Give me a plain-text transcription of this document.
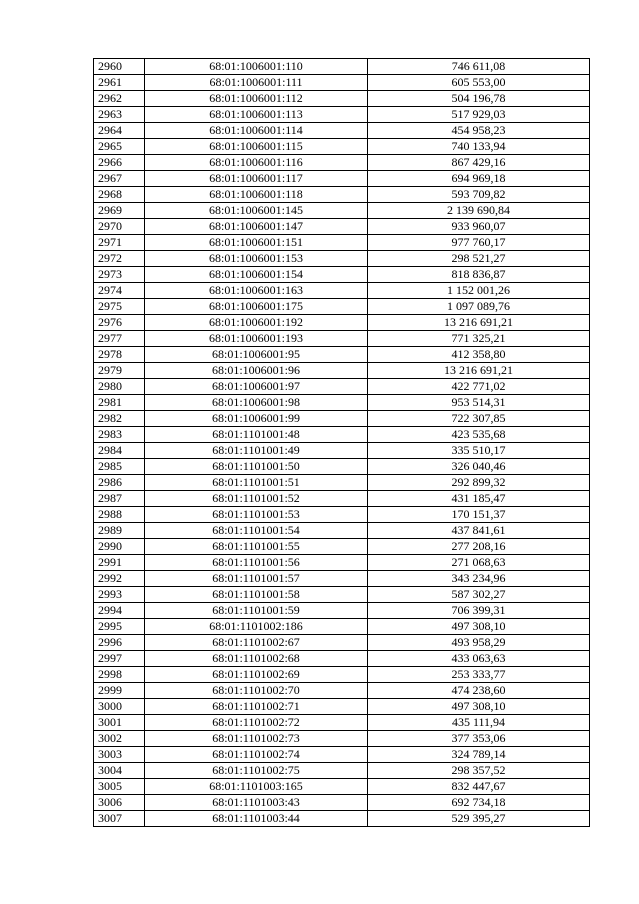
2960	68:01:1006001:110	746 611,08
2961	68:01:1006001:111	605 553,00
2962	68:01:1006001:112	504 196,78
2963	68:01:1006001:113	517 929,03
2964	68:01:1006001:114	454 958,23
2965	68:01:1006001:115	740 133,94
2966	68:01:1006001:116	867 429,16
2967	68:01:1006001:117	694 969,18
2968	68:01:1006001:118	593 709,82
2969	68:01:1006001:145	2 139 690,84
2970	68:01:1006001:147	933 960,07
2971	68:01:1006001:151	977 760,17
2972	68:01:1006001:153	298 521,27
2973	68:01:1006001:154	818 836,87
2974	68:01:1006001:163	1 152 001,26
2975	68:01:1006001:175	1 097 089,76
2976	68:01:1006001:192	13 216 691,21
2977	68:01:1006001:193	771 325,21
2978	68:01:1006001:95	412 358,80
2979	68:01:1006001:96	13 216 691,21
2980	68:01:1006001:97	422 771,02
2981	68:01:1006001:98	953 514,31
2982	68:01:1006001:99	722 307,85
2983	68:01:1101001:48	423 535,68
2984	68:01:1101001:49	335 510,17
2985	68:01:1101001:50	326 040,46
2986	68:01:1101001:51	292 899,32
2987	68:01:1101001:52	431 185,47
2988	68:01:1101001:53	170 151,37
2989	68:01:1101001:54	437 841,61
2990	68:01:1101001:55	277 208,16
2991	68:01:1101001:56	271 068,63
2992	68:01:1101001:57	343 234,96
2993	68:01:1101001:58	587 302,27
2994	68:01:1101001:59	706 399,31
2995	68:01:1101002:186	497 308,10
2996	68:01:1101002:67	493 958,29
2997	68:01:1101002:68	433 063,63
2998	68:01:1101002:69	253 333,77
2999	68:01:1101002:70	474 238,60
3000	68:01:1101002:71	497 308,10
3001	68:01:1101002:72	435 111,94
3002	68:01:1101002:73	377 353,06
3003	68:01:1101002:74	324 789,14
3004	68:01:1101002:75	298 357,52
3005	68:01:1101003:165	832 447,67
3006	68:01:1101003:43	692 734,18
3007	68:01:1101003:44	529 395,27
